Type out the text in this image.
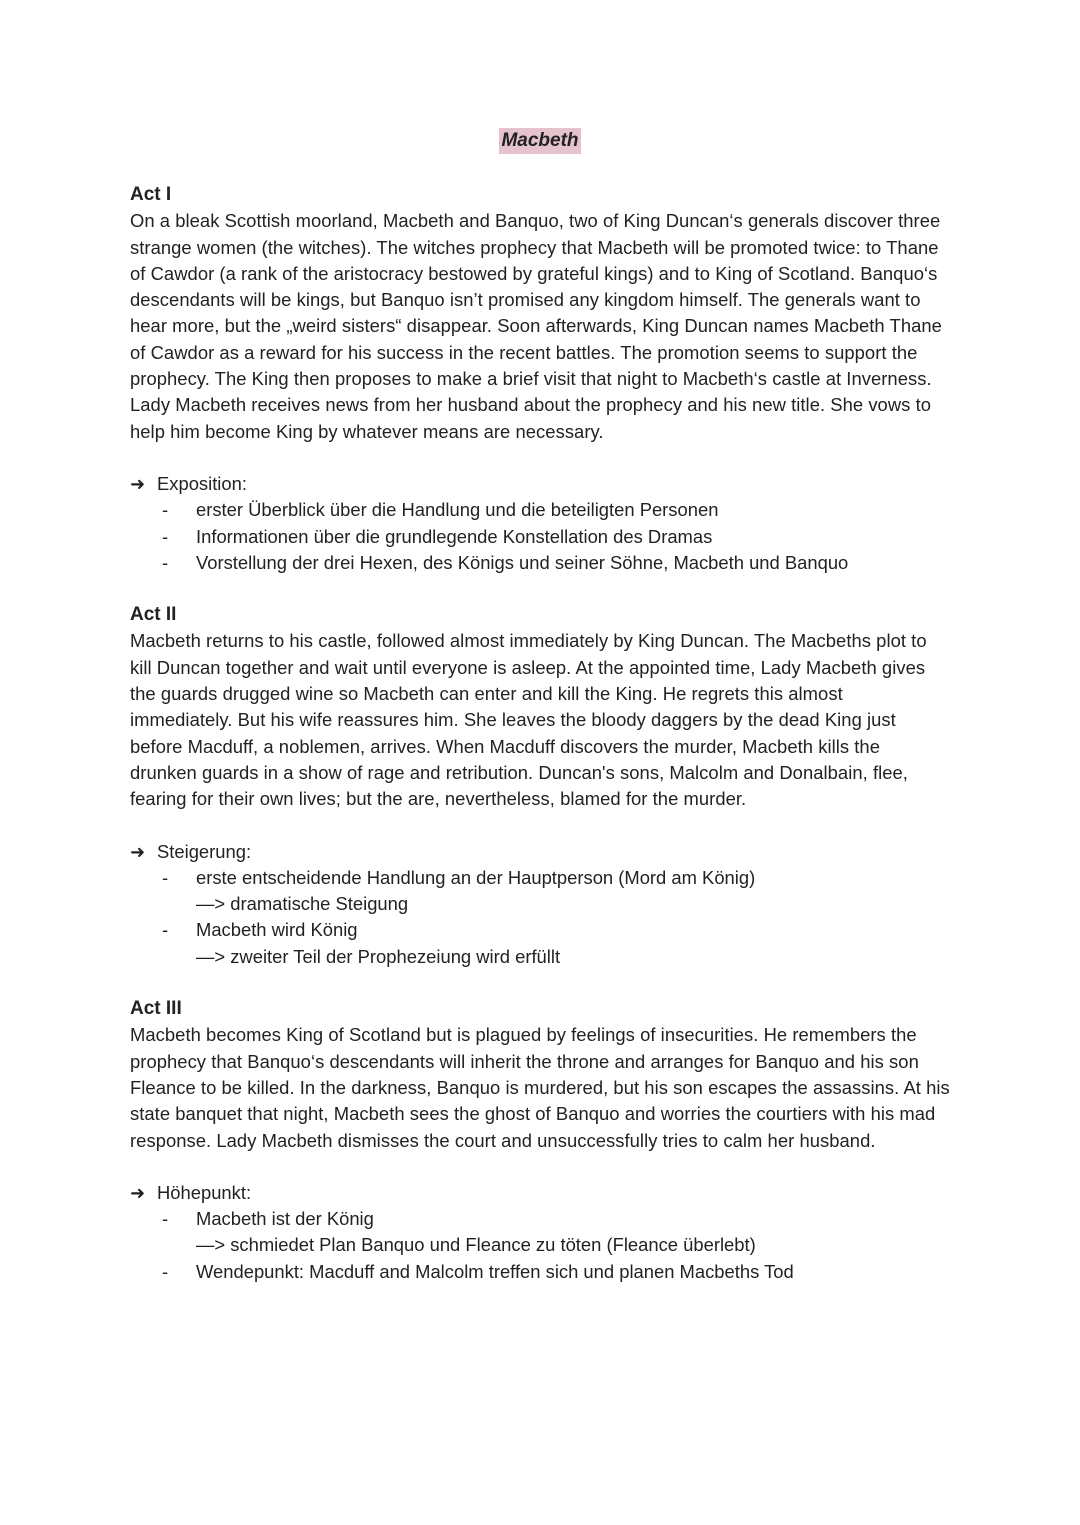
Macbeth

Act I

On a bleak Scottish moorland, Macbeth and Banquo, two of King Duncan‘s generals discover three strange women (the witches). The witches prophecy that Macbeth will be promoted twice: to Thane of Cawdor (a rank of the aristocracy bestowed by grateful kings) and to King of Scotland. Banquo‘s descendants will be kings, but Banquo isn’t promised any kingdom himself. The generals want to hear more, but the „weird sisters“ disappear. Soon afterwards, King Duncan names Macbeth Thane of Cawdor as a reward for his success in the recent battles. The promotion seems to support the prophecy. The King then proposes to make a brief visit that night to Macbeth‘s castle at Inverness. Lady Macbeth receives news from her husband about the prophecy and his new title. She vows to help him become King by whatever means are necessary.

➜ Exposition:

- erster Überblick über die Handlung und die beteiligten Personen
- Informationen über die grundlegende Konstellation des Dramas
- Vorstellung der drei Hexen, des Königs und seiner Söhne, Macbeth und Banquo

Act II

Macbeth returns to his castle, followed almost immediately by King Duncan. The Macbeths plot to kill Duncan together and wait until everyone is asleep. At the appointed time, Lady Macbeth gives the guards drugged wine so Macbeth can enter and kill the King. He regrets this almost immediately. But his wife reassures him. She leaves the bloody daggers by the dead King just before Macduff, a noblemen, arrives. When Macduff discovers the murder, Macbeth kills the drunken guards in a show of rage and retribution. Duncan's sons, Malcolm and Donalbain, flee, fearing for their own lives; but the are, nevertheless, blamed for the murder.

➜ Steigerung:

- erste entscheidende Handlung an der Hauptperson (Mord am König)
—> dramatische Steigung
- Macbeth wird König
—> zweiter Teil der Prophezeiung wird erfüllt

Act III

Macbeth becomes King of Scotland but is plagued by feelings of insecurities. He remembers the prophecy that Banquo‘s descendants will inherit the throne and arranges for Banquo and his son Fleance to be killed. In the darkness, Banquo is murdered, but his son escapes the assassins. At his state banquet that night, Macbeth sees the ghost of Banquo and worries the courtiers with his mad response. Lady Macbeth dismisses the court and unsuccessfully tries to calm her husband.

➜ Höhepunkt:

- Macbeth ist der König
—> schmiedet Plan Banquo und Fleance zu töten (Fleance überlebt)
- Wendepunkt: Macduff and Malcolm treffen sich und planen Macbeths Tod
